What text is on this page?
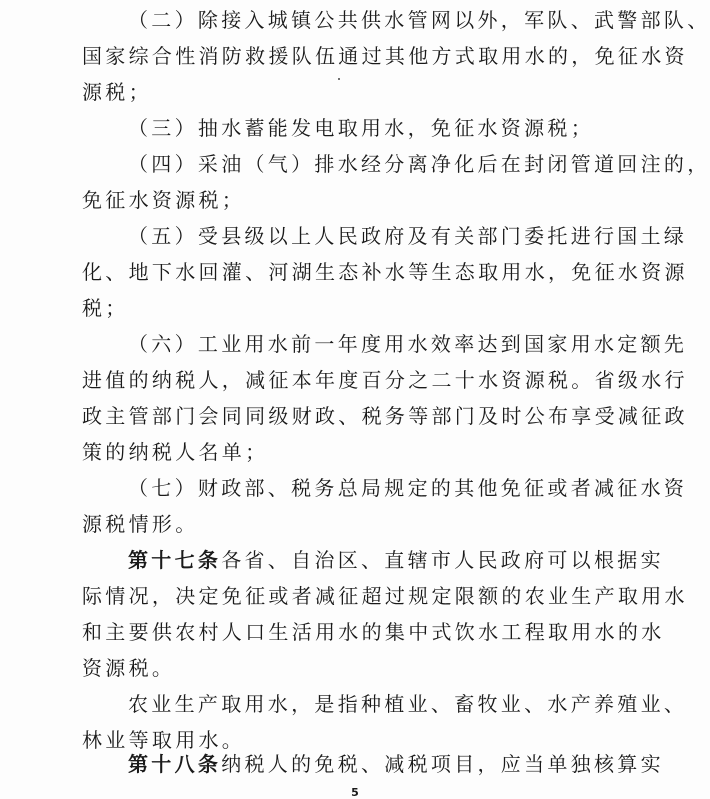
（二）除接入城镇公共供水管网以外，军队、武警部队、
国家综合性消防救援队伍通过其他方式取用水的，免征水资
源税；
（三）抽水蓄能发电取用水，免征水资源税；
（四）采油（气）排水经分离净化后在封闭管道回注的，
免征水资源税；
（五）受县级以上人民政府及有关部门委托进行国土绿
化、地下水回灌、河湖生态补水等生态取用水，免征水资源
税；
（六）工业用水前一年度用水效率达到国家用水定额先
进值的纳税人，减征本年度百分之二十水资源税。省级水行
政主管部门会同同级财政、税务等部门及时公布享受减征政
策的纳税人名单；
（七）财政部、税务总局规定的其他免征或者减征水资
源税情形。
第十七条各省、自治区、直辖市人民政府可以根据实
际情况，决定免征或者减征超过规定限额的农业生产取用水
和主要供农村人口生活用水的集中式饮水工程取用水的水
资源税。
农业生产取用水，是指种植业、畜牧业、水产养殖业、
林业等取用水。
第十八条纳税人的免税、减税项目，应当单独核算实
5
